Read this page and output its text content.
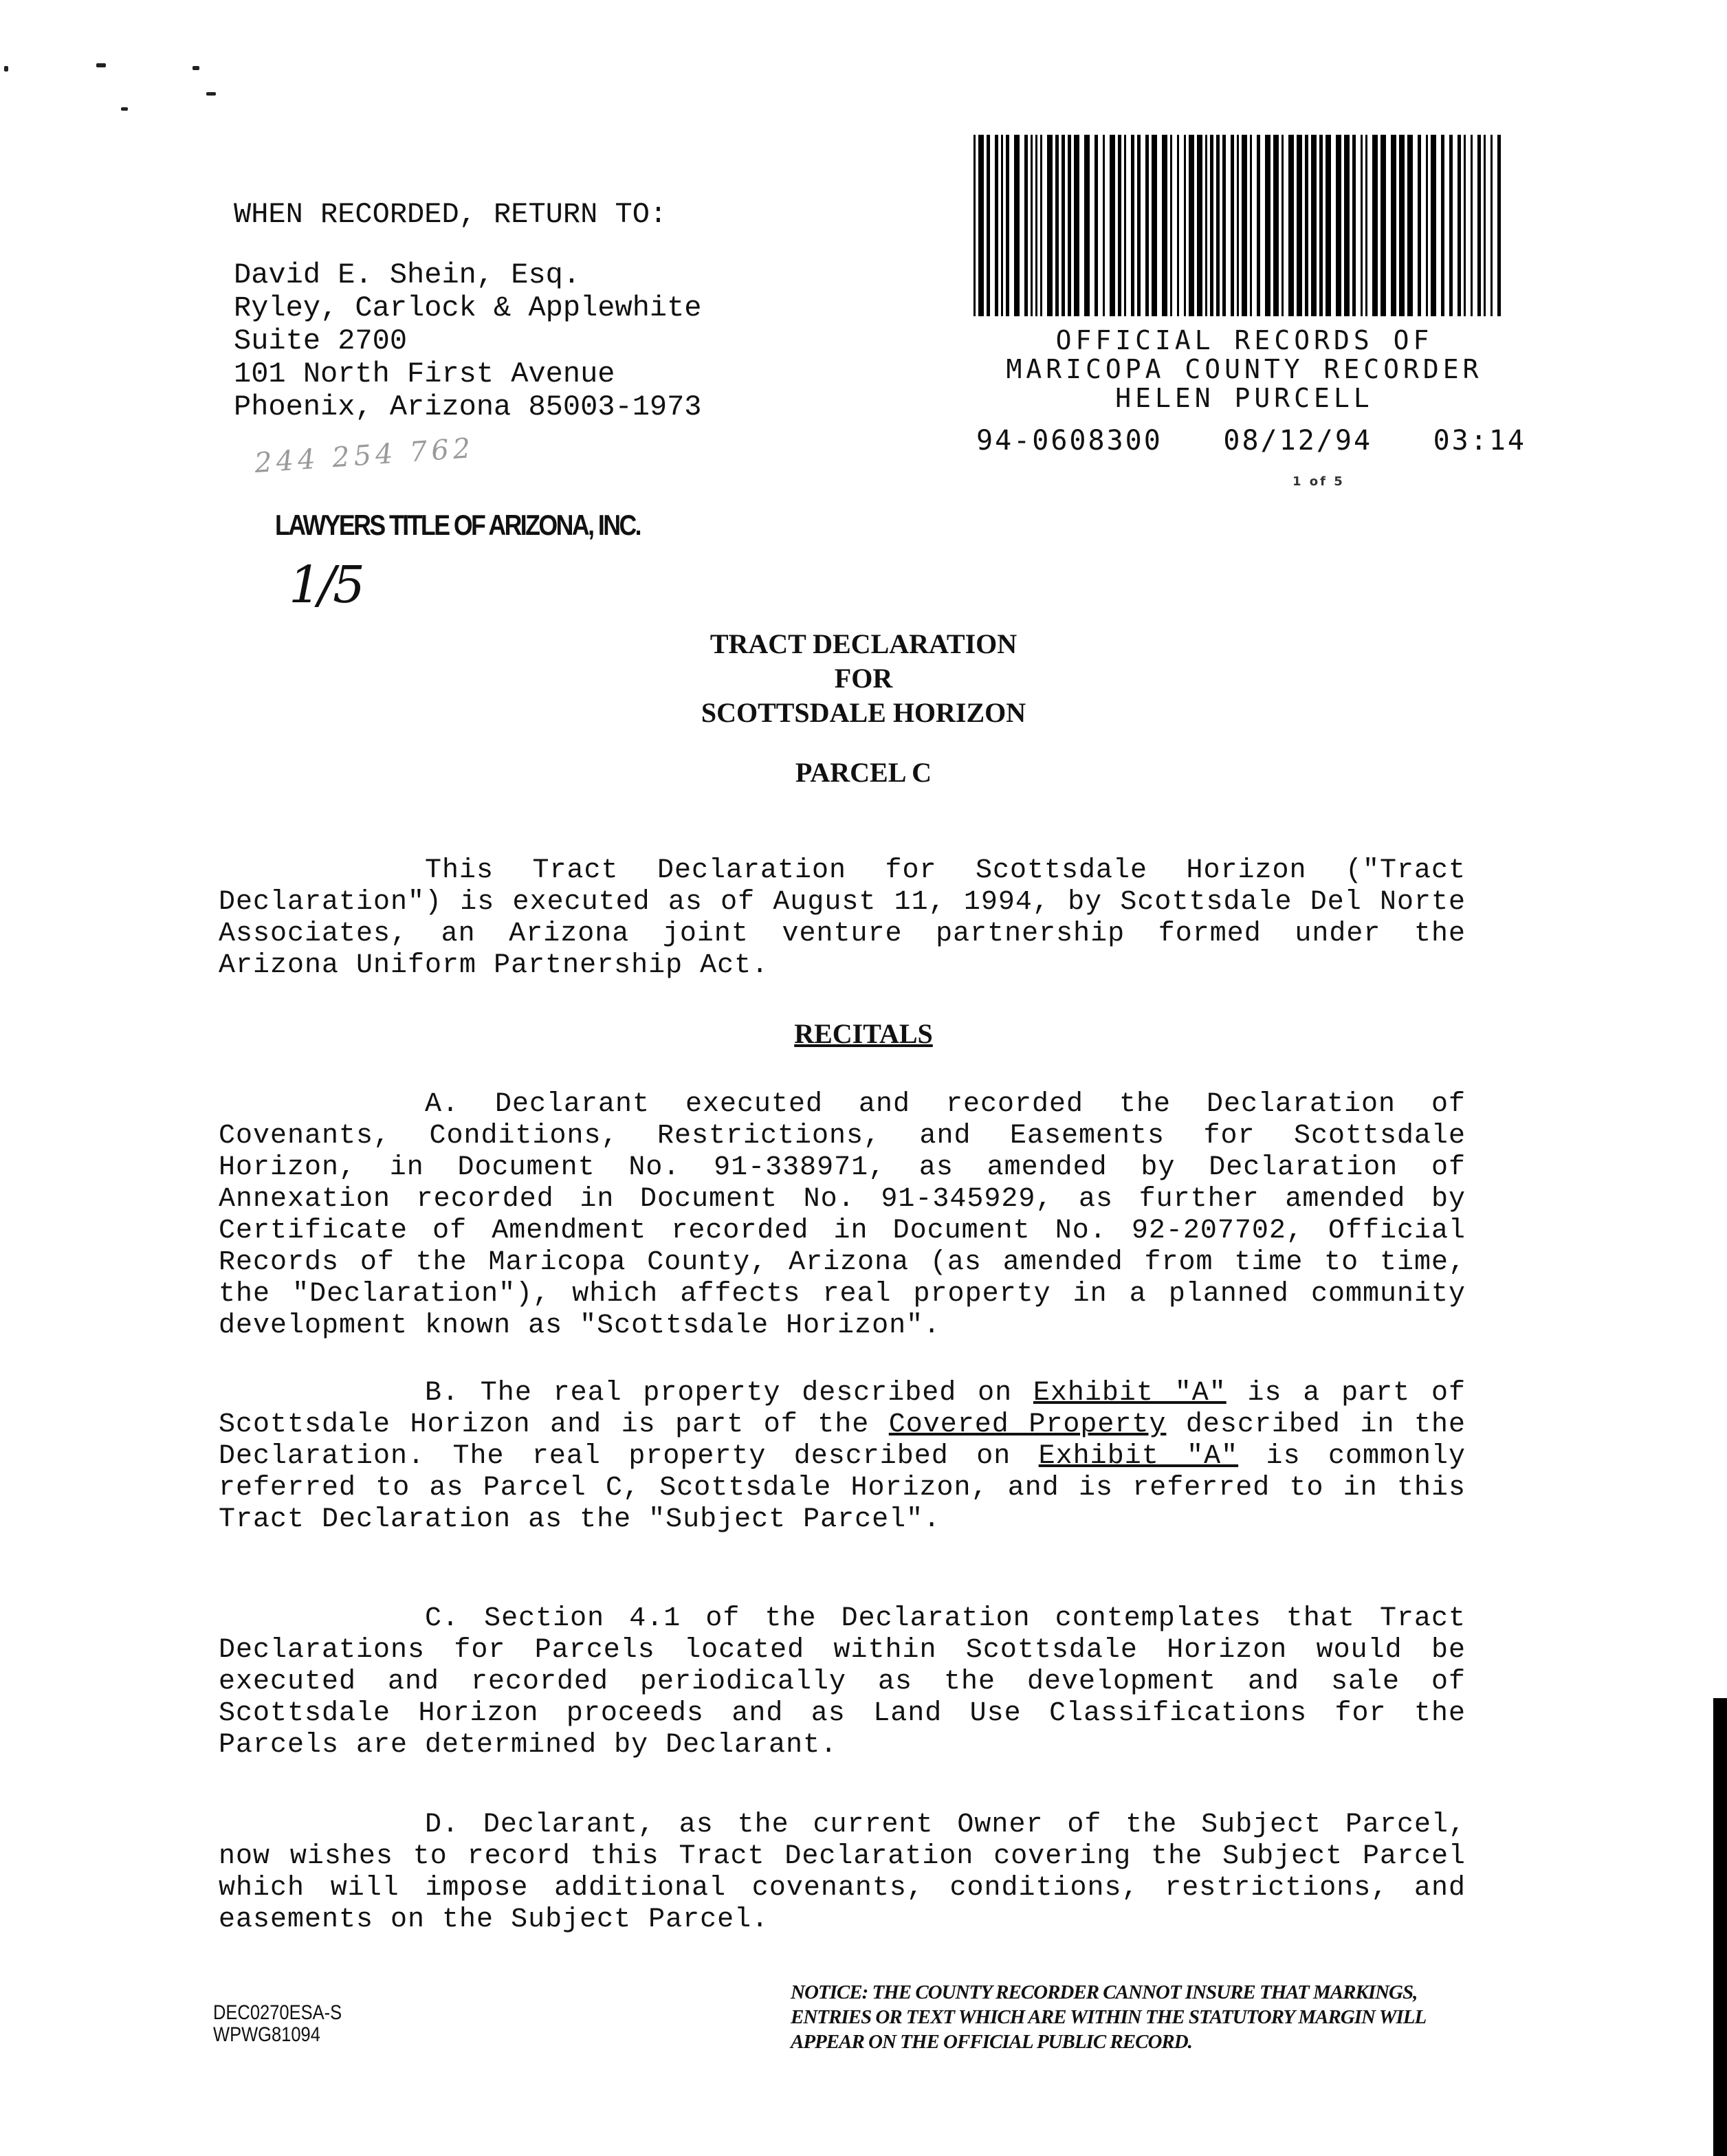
WHEN RECORDED, RETURN TO:
David E. Shein, Esq.
Ryley, Carlock & Applewhite
Suite 2700
101 North First Avenue
Phoenix, Arizona 85003-1973
244 254 762
LAWYERS TITLE OF ARIZONA, INC.
1/5
OFFICIAL RECORDS OF
MARICOPA COUNTY RECORDER
HELEN PURCELL
94-0608300 08/12/94 03:14
1 of 5
TRACT DECLARATION
FOR
SCOTTSDALE HORIZON
PARCEL C
This Tract Declaration for Scottsdale Horizon ("Tract Declaration") is executed as of August 11, 1994, by Scottsdale Del Norte Associates, an Arizona joint venture partnership formed under the Arizona Uniform Partnership Act.
RECITALS
A. Declarant executed and recorded the Declaration of Covenants, Conditions, Restrictions, and Easements for Scottsdale Horizon, in Document No. 91-338971, as amended by Declaration of Annexation recorded in Document No. 91-345929, as further amended by Certificate of Amendment recorded in Document No. 92-207702, Official Records of the Maricopa County, Arizona (as amended from time to time, the "Declaration"), which affects real property in a planned community development known as "Scottsdale Horizon".
B. The real property described on Exhibit "A" is a part of Scottsdale Horizon and is part of the Covered Property described in the Declaration. The real property described on Exhibit "A" is commonly referred to as Parcel C, Scottsdale Horizon, and is referred to in this Tract Declaration as the "Subject Parcel".
C. Section 4.1 of the Declaration contemplates that Tract Declarations for Parcels located within Scottsdale Horizon would be executed and recorded periodically as the development and sale of Scottsdale Horizon proceeds and as Land Use Classifications for the Parcels are determined by Declarant.
D. Declarant, as the current Owner of the Subject Parcel, now wishes to record this Tract Declaration covering the Subject Parcel which will impose additional covenants, conditions, restrictions, and easements on the Subject Parcel.
DEC0270ESA-S
WPWG81094
NOTICE: THE COUNTY RECORDER CANNOT INSURE THAT MARKINGS, ENTRIES OR TEXT WHICH ARE WITHIN THE STATUTORY MARGIN WILL APPEAR ON THE OFFICIAL PUBLIC RECORD.
